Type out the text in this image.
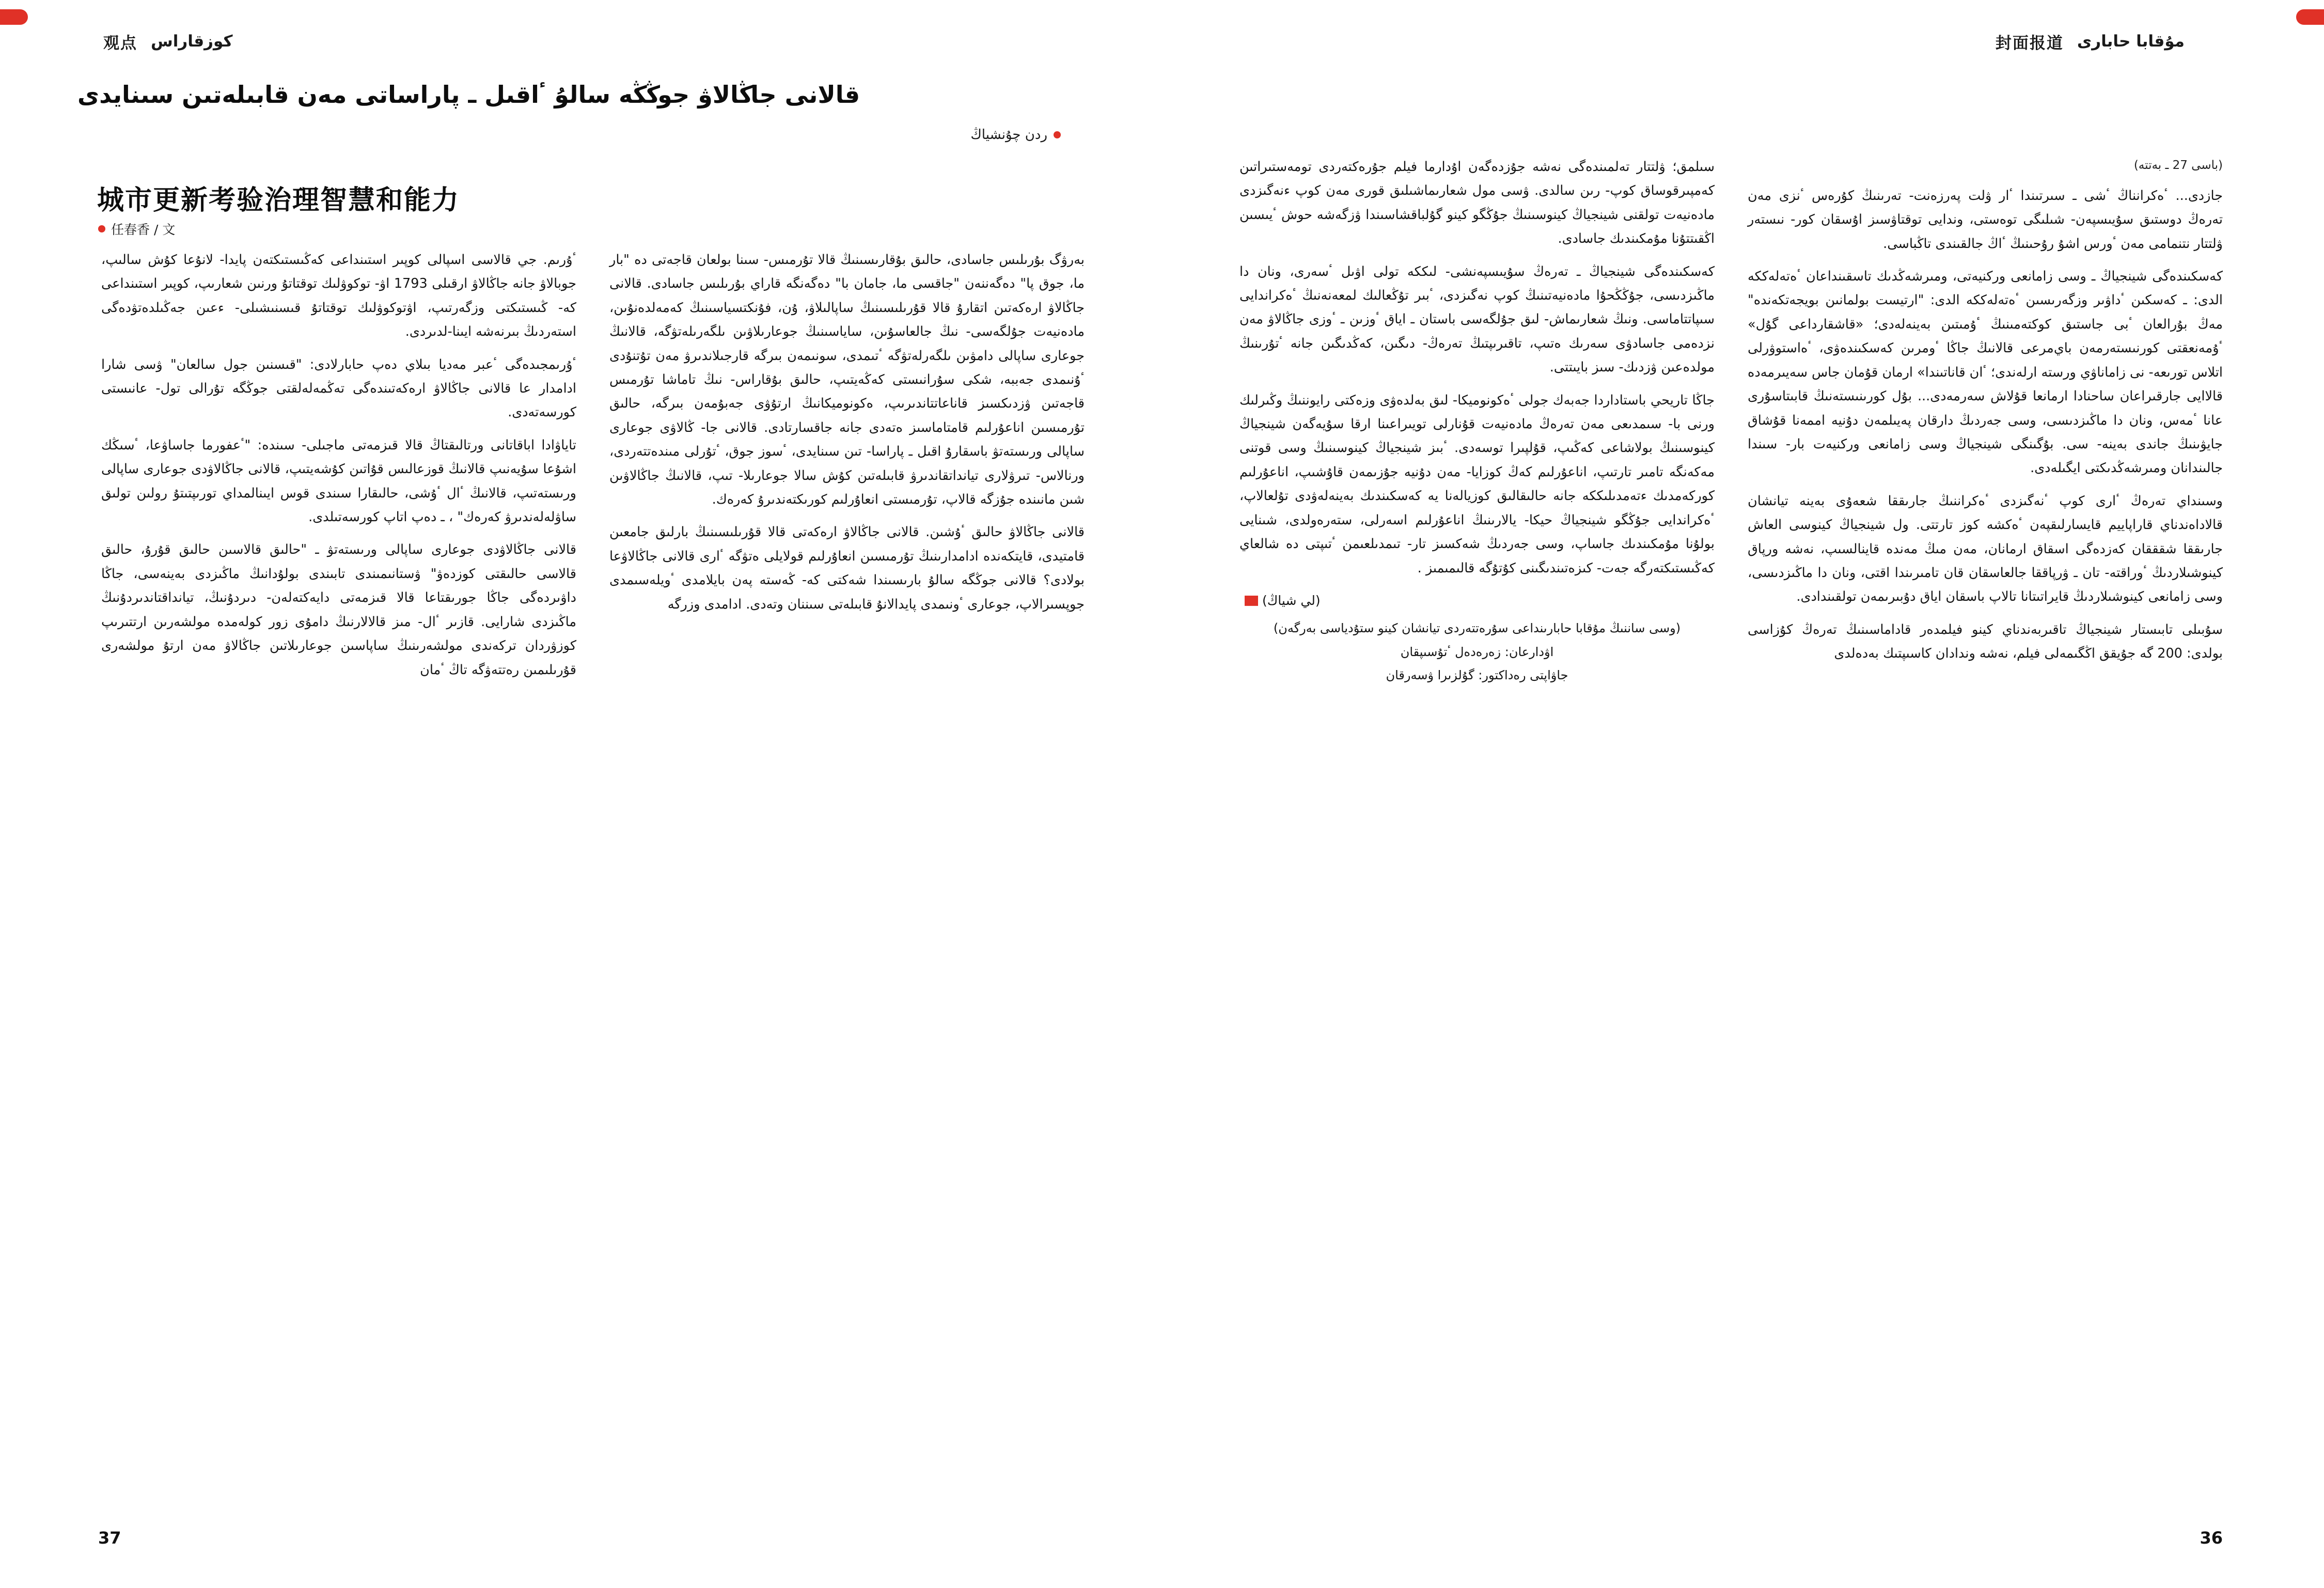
观点 كوزقاراس
قالانى جاڭالاۋ جوڭڭە سالۇ ٴاقىل ـ پاراساتى مەن قابىلەتىن سىنايدى
ردن چۇنشياڭ
城市更新考验治理智慧和能力
任春香 / 文

بەرۋگ بۇرىلىس جاسادى، حالىق بۇقارىسىنىڭ قالا تۇرمىس‐ سىنا بولعان قاجەتى دە "بار ما، جوق پا" دەگەننەن "جاقسى ما، جامان با" دەگەنگە قاراي بۇرىلىس جاسادى. قالانى جاڭالاۋ ارەكەتىن اتقارۇ قالا قۇرىلىسىنىڭ ساپالىلاۋ، ۇن، فۇنكتسياسىنىڭ كەمەلدەنۇىن، مادەنيەت جۇلگەسى‐ نىڭ جالعاسۇىن، ساياسىنىڭ جوعارىلاۋىن ىلگەرىلەتۋگە، قالانىڭ جوعارى ساپالى دامۋىن ىلگەرلەتۋگە ٴتىمدى، سونىمەن بىرگە قارجىلاندىرۋ مەن تۇتنۇدى ٴۇنىمدى جەببە، شكى سۇرانىستى كەڭەيتىپ، حالىق بۇقاراس‐ نىڭ تاماشا تۇرمىس قاجەتىن ۋزدىكسىز قاناعاتتاندىرىپ، ەكونوميكانىڭ ارتۇۋى جەبۇمەن بىرگە، حالىق تۇرمىسىن اناعۇرلىم قامتاماسىز ەتەدى جانە جاقسارتادى. قالانى جا‐ ڭالاۋى جوعارى ساپالى ورىستەتۋ باسقارۇ اقىل ـ پاراسا‐ تىن سىنايدى، ٴسوز جوق، ٴتۇرلى مىندەتتەردى، ورنالاس‐ تىرۋلارى تيانداتقاندىرۋ قابىلەتىن كۇش سالا جوعارىلا‐ تىپ، قالانىڭ جاڭالاۋىن شىن مانىندە جۇزگە قالاپ، تۇرمىستى انعاۇرلىم كورىكتەندىرۇ كەرەك.

قالانى جاڭالاۋ حالىق ٴۇشىن. قالانى جاڭالاۋ ارەكەتى قالا قۇرىلىسىنىڭ بارلىق جامعىن قامتيدى، قايتكەندە ادامدارىنىڭ تۇرمىسىن انعاۇرلىم قولايلى ەتۋگە ٴارى قالانى جاڭالاۋعا بولادى؟ قالانى جوڭگە سالۇ بارىسىندا شەكتى كە‐ ڭەستە پەن بايلامدى ٴويلەسىمدى جوپسىرالاپ، جوعارى ٴونىمدى پايدالانۇ قابىلەتى سىننان وتەدى. ادامدى وزرگە

ٴۇرىم. جي قالاسى اسپالى كوپىر استىنداعى كەڭىستىكتەن پايدا‐ لانۇعا كۇش سالىپ، جوبالاۋ جانە جاڭالاۋ ارقىلى 1793 اۋ‐ توكوۋلىك توقتاتۇ ورنىن شعارىپ، كوپىر استىنداعى كە‐ ڭىستىكتى وزگەرتىپ، اۋتوكوۋلىك توقتاتۇ قىسنىشىلى‐ ءعىن جەڭىلدەتۋدەگى استەردىڭ بىرنەشە ايىنا‐لدىردى.

ٴۇرىمجىدەگى ٴعبر مەديا بىلاي دەپ حابارلادى: "قىسنىن جول سالعان" ۋسى شارا ادامدار عا قالانى جاڭالاۋ ارەكەتىندەگى تەڭمەلەلقتى جوڭگە تۇرالى تول‐ عانىستى كورسەتەدى.

تايا‌ۋادا اباقاتانى ورتالىقتاڭ قالا قىزمەتى ماجىلى‐ سىندە: "ٴعفورما جاساۋعا، ٴسىڭك اشۇعا سۇيەنىپ قالانىڭ قوزعالىس قۇاتىن كۇشەيتىپ، قالانى جاڭالاۋدى جوعارى ساپالى ورىستەتىپ، قالانىڭ ٴال ٴۇشى، حالىقارا سىندى قوس ايىنالمداي تورىپتىتۇ رولىن تولىق ساۋلەلەندىرۋ كەرەك" ، ـ دەپ اتاپ كورسەتىلدى.

قالانى جاڭالاۋدى جوعارى ساپالى ورىستەتۋ ـ "حالىق قالاسىن حالىق قۇرۇ، حالىق قالاسى حالىقتى كوزدەۋ" ۋستانىمىندى تابىندى بولۇدانىڭ ماڭىزدى بەينەسى، جاڭا داۋىردەگى جاڭا جورىقتاعا قالا قىزمەتى دايەكتەلەن‐ دىردۇنىڭ، تيانداقتاندىردۇنىڭ ماڭىزدى شارايى. قازىر ٴال‐ مىز قالالارنىڭ دامۇى زور كولەمدە مولشەرىن ارتتىرىپ كوزۋردان تركەندى مولشەرىنىڭ ساپاسىن جوعارىلاتىن جاڭالاۋ مەن ارتۇ مولشەرى قۇرىلىمىن رەتتەۋگە تاڭ ٴمان

37
封面报道 مۇقابا حابارى
(باسى 27 ـ بەتتە)

جازدى... ٴەكرانناڭ ٴشى ـ سىرتىندا ٴار ۋلت پەرزەنت‐ تەرىنىڭ كۇرەس ٴنزى مەن تەرەڭ دوستىق سۇيىسپەن‐ شىلىگى توەستى، وندايى توقتاۋسىز اۇسقان كور‐ نىستەر ۋلتتار نتنمامى مەن ٴورس اشۇ رۇحىنىڭ ٴاڭ جالقىندى تاڭباسى.

كەسكىندەگى شينجياڭ ـ وسى زامانعى ورکنيەتى، ومىرشەڭدىك تاسقىنداعان ٴەتەلەككە الدى: ـ كەسكىن ٴداۋىر وزگەرىسىن ٴەتەلەككە الدى: "ارتيست بولمانىن بويجەتكەندە" مەڭ بۇرالعان ٴبى جاستىق كوكتەمىنىڭ ٴۇمىتىن بەينەلەدى؛ «قاشقارداعى گۇل» ٴۇمەنعقتى كورنىستەرمەن باي‌مرعى قالانىڭ جاڭا ٴومرىن كەسكىندەۋى، ٴەاستوۋرلى اتلاس تورىعە‐ نى زاماناۋي ورستە ارلەندى؛ ٴان قاناتىندا» ارمان قۇمان جاس سەيىرمەدە قالاايى جارقىراعان ساحنادا ارمانعا قۇلاش سەرمەدى... بۇل كورىنىستەنىڭ قابىتاسۇرى عانا ٴمەس، ونان دا ماڭىزدىسى، وسى جەردىڭ دارقان پەيىلمەن دۇنيە اممەنا قۇشاق جايۋىنىڭ جاندى بەينە‐ سى. بۇگىنگى شينجياڭ وسى زامانعى ورکنيەت بار‐ سىندا جالىندانان ومىرشەڭدىكتى ايگىلەدى.

وسىنداي تەرەڭ ٴارى كوپ ٴنەگىزدى ٴەكراننىڭ جارىققا شعەۇى بەينە تيانشان قالاداەندناي قاراپاييم قايسارلىقپەن ٴەكشە كوز تارتتى. ول شينجياڭ كينوسى العاش جارىققا شقققان كەزدەگى اسقاق ارمانان، مەن مىڭ مەندە قاينالسىپ، نەشە ورپاق كينوشىلاردىڭ ٴوراقتە‐ تان ـ ۋرپاققا جالعاسقان قان تامىرىندا اقتى، ونان دا ماڭىزدىسى، وسى زامانعى كينوشىلاردىڭ قايراتىتانا تالاپ باسقان اياق دۇبىرىمەن تولقىندادى.

سۇبىلى تابىستار شينجياڭ تاقىربەندناي كينو فيلمدەر قاداماسىنىڭ تەرەڭ كۇزاسى بولدى: 200 گە جۇيقق اڭگىمەلى فيلم، نەشە وندادان كاسىپتىك بەدەلدى

سىلمق؛ ۋلتتار تەلمىندەگى نەشە جۇزدەگەن اۇدارما فيلم جۇرەكتەردى تومەستىراتىن كەمپىرقوساق كوپ‐ رىن سالدى. ۋسى مول شعارىماشىلىق قورى مەن كوپ ءنەگىزدى مادەنيەت تولقنى شينجياڭ كينوسىنىڭ جۇڭگو كينو گۇلباقشاسىندا ۋزگەشە حوش ٴيىسىن اڭقىتتۇنا مۇمكىندىك جاسادى.

كەسكىندەگى شينجياڭ ـ تەرەڭ سۇيىسپەنشى‐ لىككە تولى اۋىل ٴسەرى، ونان دا ماڭىزدىسى، جۇڭڭحۇا مادەنيەتىنىڭ كوپ نەگىزدى، ٴبىر تۇڭعالىك لمعەنەنىڭ ٴەكراندايى سىپاتتاماسى. ونىڭ شعارىماش‐ لىق جۇلگەسى باستان ـ اياق ٴوزىن ـ ٴوزى جاڭالاۋ مەن نزدەمى جاسادۋى سەرىك ەتىپ، تاقىرىپتىڭ تەرەڭ‐ دىگىن، كەڭدىگىن جانە ٴتۇرىنىڭ مولدەعىن ۋزدىك‐ سىز بايىتتى.

جاڭا تاريحي باستاداردا جەبەك جولى ٴەكونوميكا‐ لىق بەلدەۋى وزەكتى رايوننىڭ وڭىرلىك ورنى با‐ سىمدىعى مەن تەرەڭ مادەنيەت قۇنارلى تويىراعىنا ارقا سۇيەگەن شينجياڭ كينوسىنىڭ بولاشاعى كەڭىپ، قۇلپىرا توسەدى. ٴبىز شينجياڭ كينوسىنىڭ وسى قوتنى مەكەنگە تامىر تارتىپ، اناعۇرلىم كەڭ كوزايا‐ مەن دۇنيە جۇزىمەن قاۇشىپ، اناعۇرلىم كوركەمدىك ءتەمدىلىككە جانە حالىقالىق كوزيالەنا يە كەسكىندىك بەينەلەۋدى تۇلعالاپ، ٴەكراندايى جۇڭگو شينجياڭ حيكا‐ يالارىنىڭ اناعۇرلىم اسەرلى، ستەرەولدى، شىنايى بولۇنا مۇمكىندىك جاساپ، وسى جەردىڭ شەكسىز تار‐ تىمدىلعىمن ٴتىپتى دە شالعاي كەڭىستىكتەرگە جەت‐ كىزەتىندىگىنى كۇتۇگە قالىمىمىز .

(لي شياڭ)
(وسى ساننىڭ مۇقابا حابارىنداعى سۇرەتتەردى تيانشان كينو ستۇدياسى بەرگەن)
اۋدارعان: زەرەدەل ٴتۇسىپقان
جاۋاپتى رەداكتور: گۇلزىرا ۋسەرقان
36
